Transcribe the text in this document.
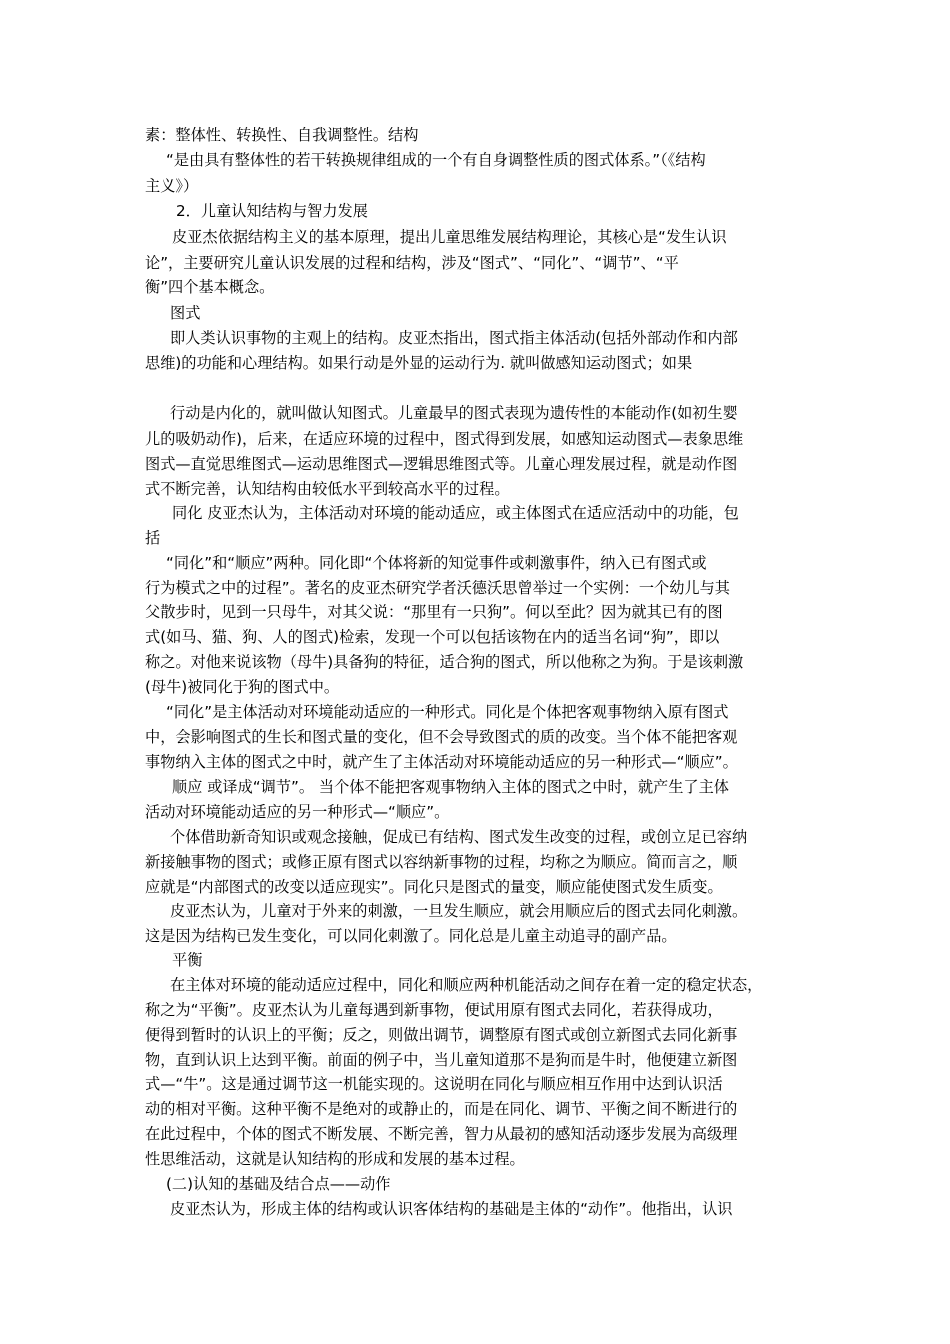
素：整体性、转换性、自我调整性。结构
“是由具有整体性的若干转换规律组成的一个有自身调整性质的图式体系。”（《结构
主义》）
2．儿童认知结构与智力发展
皮亚杰依据结构主义的基本原理，提出儿童思维发展结构理论，其核心是“发生认识
论”，主要研究儿童认识发展的过程和结构，涉及“图式”、“同化”、“调节”、“平
衡”四个基本概念。
图式
即人类认识事物的主观上的结构。皮亚杰指出，图式指主体活动(包括外部动作和内部
思维)的功能和心理结构。如果行动是外显的运动行为. 就叫做感知运动图式；如果
行动是内化的，就叫做认知图式。儿童最早的图式表现为遗传性的本能动作(如初生婴
儿的吸奶动作)，后来，在适应环境的过程中，图式得到发展，如感知运动图式—表象思维
图式—直觉思维图式—运动思维图式—逻辑思维图式等。儿童心理发展过程，就是动作图
式不断完善，认知结构由较低水平到较高水平的过程。
同化 皮亚杰认为，主体活动对环境的能动适应，或主体图式在适应活动中的功能，包
括
“同化”和“顺应”两种。同化即“个体将新的知觉事件或刺激事件，纳入已有图式或
行为模式之中的过程”。著名的皮亚杰研究学者沃德沃思曾举过一个实例：一个幼儿与其
父散步时，见到一只母牛，对其父说：“那里有一只狗”。何以至此？因为就其已有的图
式(如马、猫、狗、人的图式)检索，发现一个可以包括该物在内的适当名词“狗”，即以
称之。对他来说该物（母牛)具备狗的特征，适合狗的图式，所以他称之为狗。于是该刺激
(母牛)被同化于狗的图式中。
“同化”是主体活动对环境能动适应的一种形式。同化是个体把客观事物纳入原有图式
中，会影响图式的生长和图式量的变化，但不会导致图式的质的改变。当个体不能把客观
事物纳入主体的图式之中时，就产生了主体活动对环境能动适应的另一种形式—“顺应”。
顺应 或译成“调节”。 当个体不能把客观事物纳入主体的图式之中时，就产生了主体
活动对环境能动适应的另一种形式—“顺应”。
个体借助新奇知识或观念接触，促成已有结构、图式发生改变的过程，或创立足已容纳
新接触事物的图式；或修正原有图式以容纳新事物的过程，均称之为顺应。简而言之，顺
应就是“内部图式的改变以适应现实”。同化只是图式的量变，顺应能使图式发生质变。
皮亚杰认为，儿童对于外来的刺激，一旦发生顺应，就会用顺应后的图式去同化刺激。
这是因为结构已发生变化，可以同化刺激了。同化总是儿童主动追寻的副产品。
平衡
在主体对环境的能动适应过程中，同化和顺应两种机能活动之间存在着一定的稳定状态，
称之为“平衡”。皮亚杰认为儿童每遇到新事物，便试用原有图式去同化，若获得成功，
便得到暂时的认识上的平衡；反之，则做出调节，调整原有图式或创立新图式去同化新事
物，直到认识上达到平衡。前面的例子中，当儿童知道那不是狗而是牛时，他便建立新图
式—“牛”。这是通过调节这一机能实现的。这说明在同化与顺应相互作用中达到认识活
动的相对平衡。这种平衡不是绝对的或静止的，而是在同化、调节、平衡之间不断进行的
在此过程中，个体的图式不断发展、不断完善，智力从最初的感知活动逐步发展为高级理
性思维活动，这就是认知结构的形成和发展的基本过程。
(二)认知的基础及结合点——动作
皮亚杰认为，形成主体的结构或认识客体结构的基础是主体的“动作”。他指出，认识
